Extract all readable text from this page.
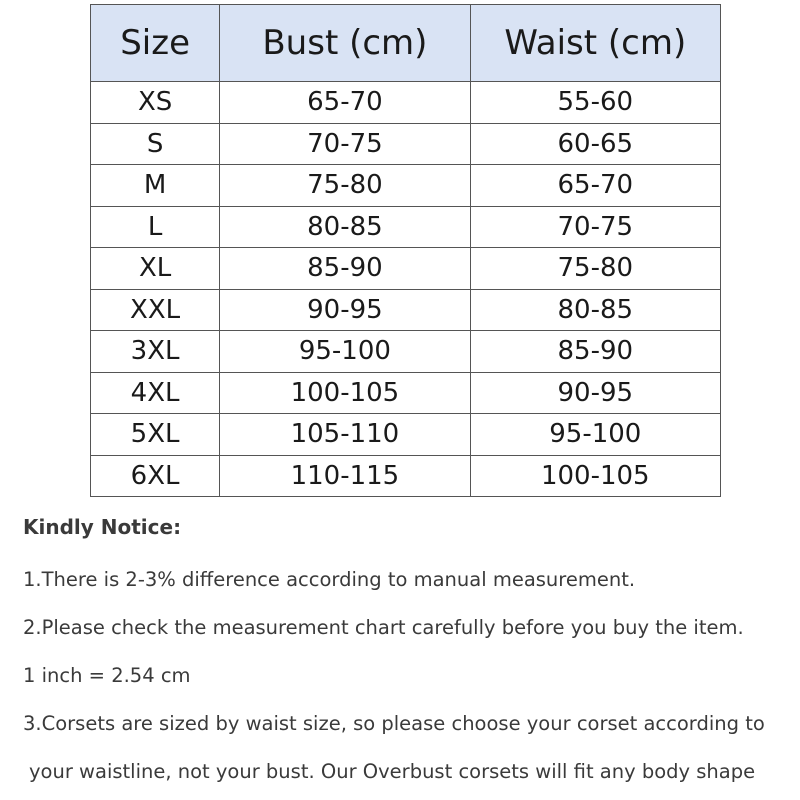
Size	Bust (cm)	Waist (cm)
XS	65-70	55-60
S	70-75	60-65
M	75-80	65-70
L	80-85	70-75
XL	85-90	75-80
XXL	90-95	80-85
3XL	95-100	85-90
4XL	100-105	90-95
5XL	105-110	95-100
6XL	110-115	100-105
Kindly Notice:
1.There is 2-3% difference according to manual measurement.
2.Please check the measurement chart carefully before you buy the item.
1 inch = 2.54 cm
3.Corsets are sized by waist size, so please choose your corset according to
your waistline, not your bust. Our Overbust corsets will fit any body shape
